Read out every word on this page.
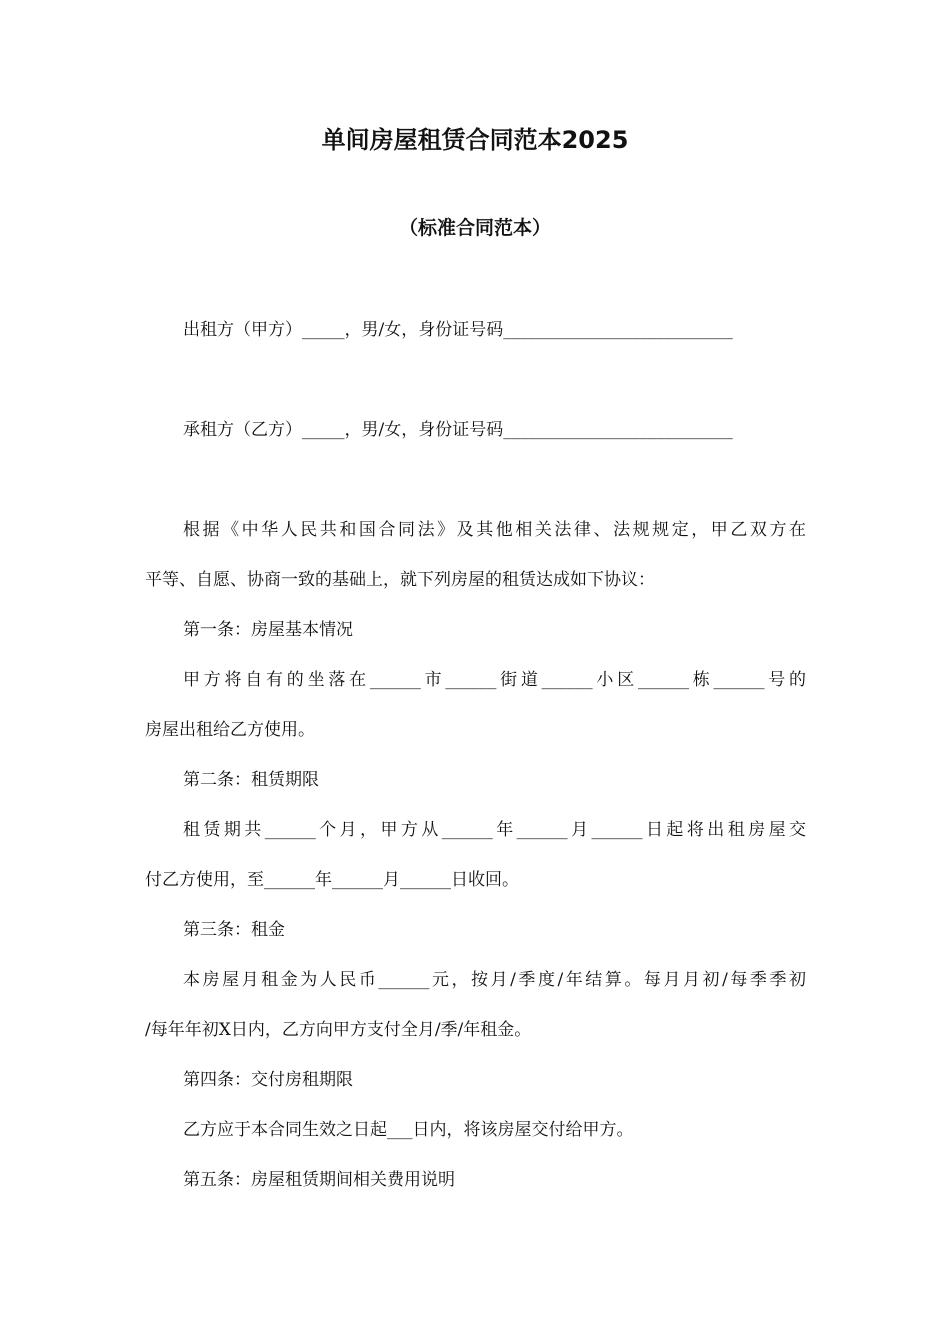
单间房屋租赁合同范本2025
（标准合同范本）
出租方（甲方）_____，男/女，身份证号码___________________________
承租方（乙方）_____，男/女，身份证号码___________________________
根据《中华人民共和国合同法》及其他相关法律、法规规定，甲乙双方在
平等、自愿、协商一致的基础上，就下列房屋的租赁达成如下协议：
第一条：房屋基本情况
甲方将自有的坐落在______市______街道______小区______栋______号的
房屋出租给乙方使用。
第二条：租赁期限
租赁期共______个月，甲方从______年______月______日起将出租房屋交
付乙方使用，至______年______月______日收回。
第三条：租金
本房屋月租金为人民币______元，按月/季度/年结算。每月月初/每季季初
/每年年初X日内，乙方向甲方支付全月/季/年租金。
第四条：交付房租期限
乙方应于本合同生效之日起___日内，将该房屋交付给甲方。
第五条：房屋租赁期间相关费用说明
